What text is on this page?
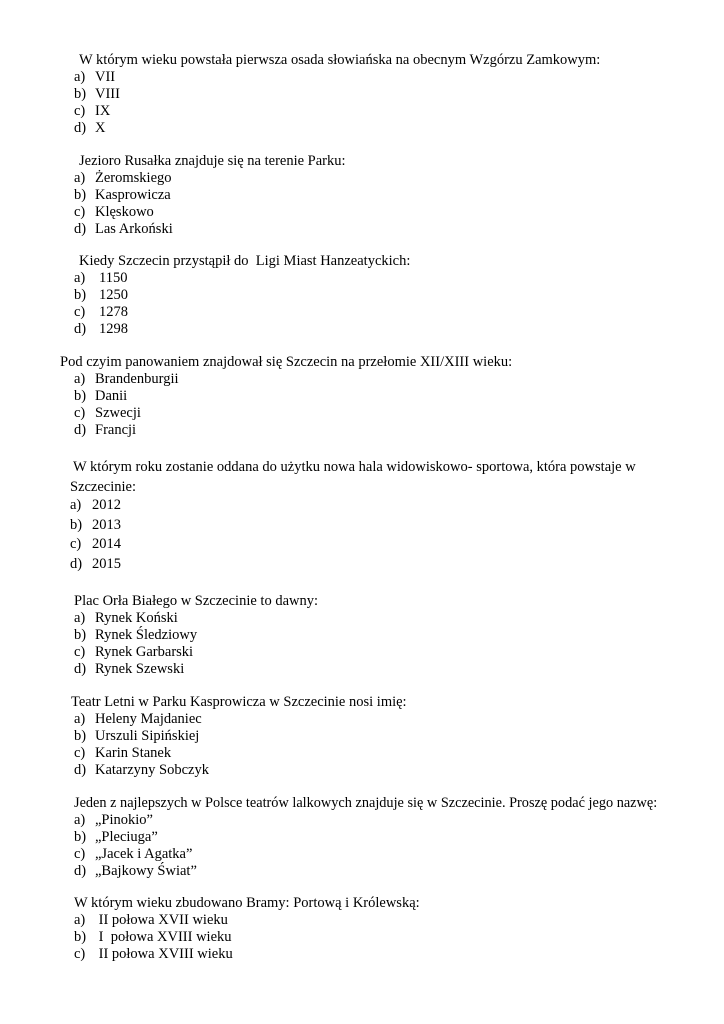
W którym wieku powstała pierwsza osada słowiańska na obecnym Wzgórzu Zamkowym:
a) VII
b) VIII
c) IX
d) X
Jezioro Rusałka znajduje się na terenie Parku:
a) Żeromskiego
b) Kasprowicza
c) Klęskowo
d) Las Arkoński
Kiedy Szczecin przystąpił do  Ligi Miast Hanzeatyckich:
a) 1150
b) 1250
c) 1278
d) 1298
Pod czyim panowaniem znajdował się Szczecin na przełomie XII/XIII wieku:
a) Brandenburgii
b) Danii
c) Szwecji
d) Francji
W którym roku zostanie oddana do użytku nowa hala widowiskowo- sportowa, która powstaje w
Szczecinie:
a) 2012
b) 2013
c) 2014
d) 2015
Plac Orła Białego w Szczecinie to dawny:
a) Rynek Koński
b) Rynek Śledziowy
c) Rynek Garbarski
d) Rynek Szewski
Teatr Letni w Parku Kasprowicza w Szczecinie nosi imię:
a) Heleny Majdaniec
b) Urszuli Sipińskiej
c) Karin Stanek
d) Katarzyny Sobczyk
Jeden z najlepszych w Polsce teatrów lalkowych znajduje się w Szczecinie. Proszę podać jego nazwę:
a) „Pinokio”
b) „Pleciuga”
c) „Jacek i Agatka”
d) „Bajkowy Świat”
W którym wieku zbudowano Bramy: Portową i Królewską:
a) II połowa XVII wieku
b) I  połowa XVIII wieku
c) II połowa XVIII wieku
